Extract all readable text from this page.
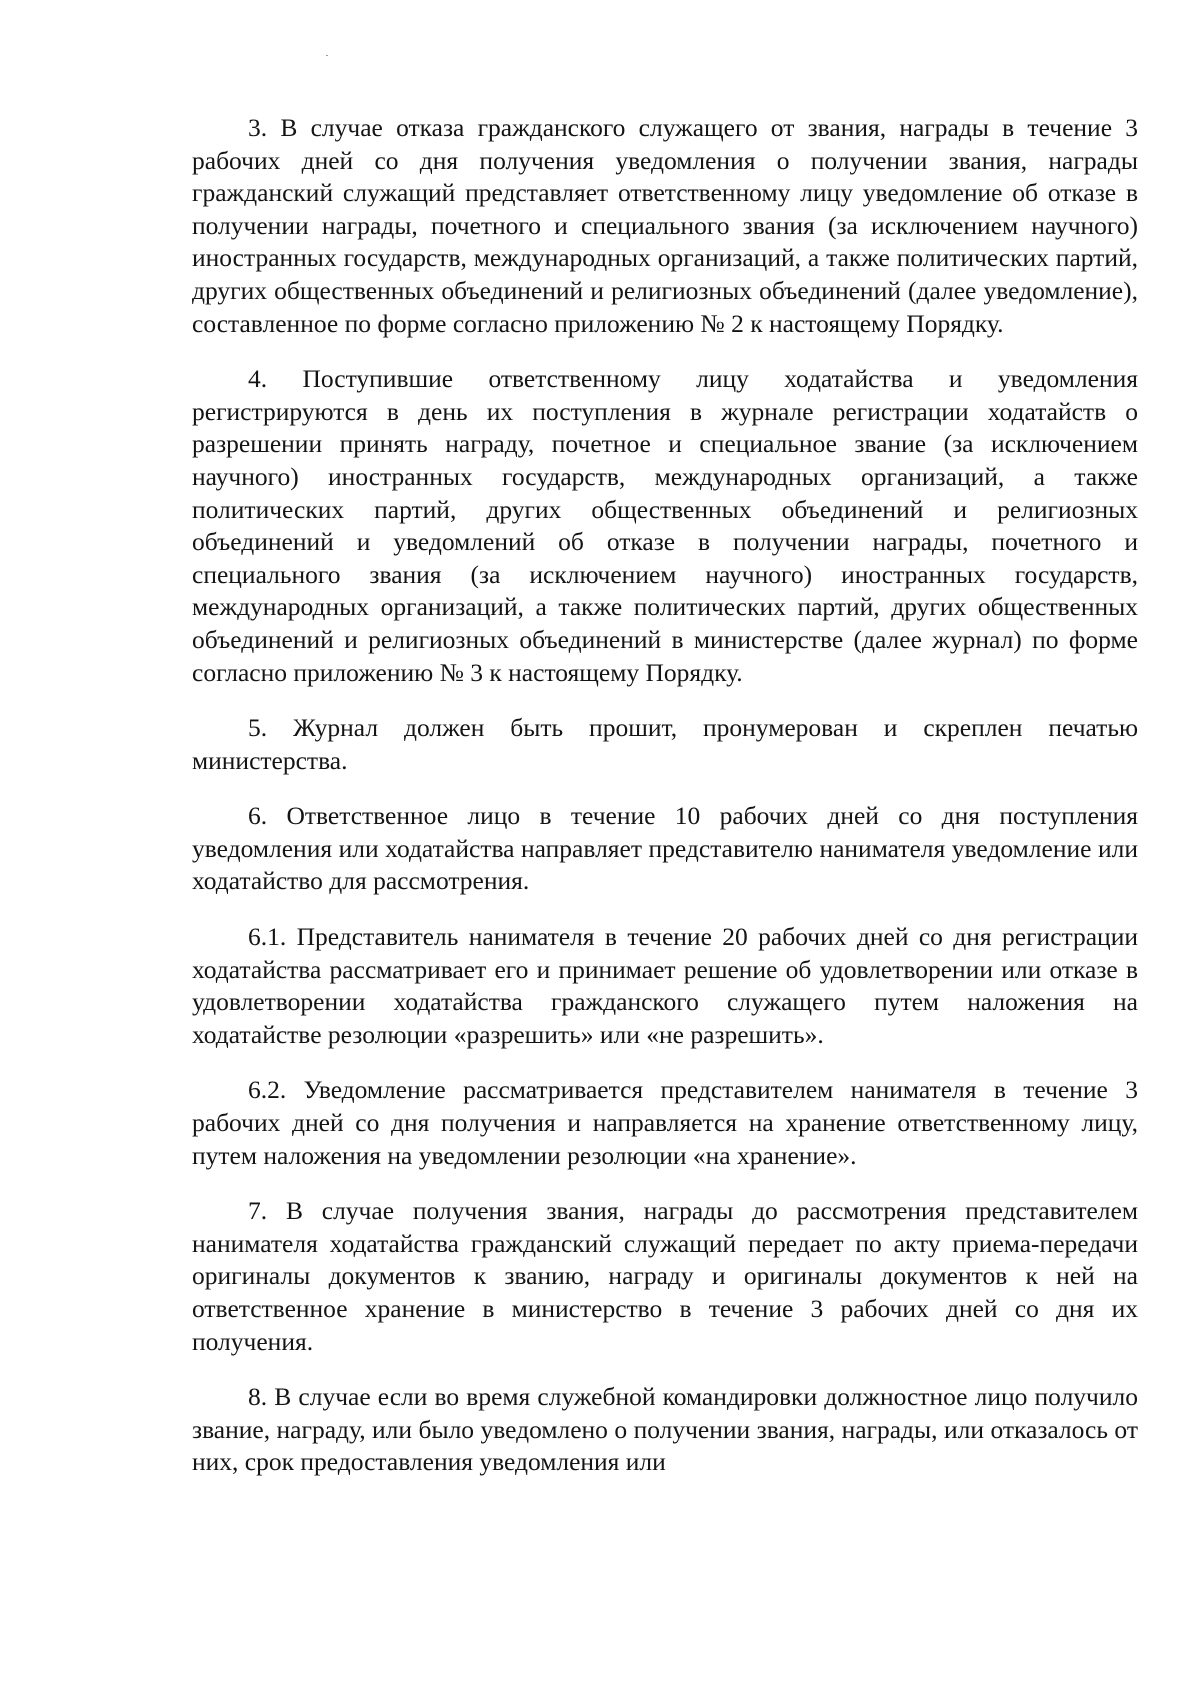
3. В случае отказа гражданского служащего от звания, награды в течение 3 рабочих дней со дня получения уведомления о получении звания, награды гражданский служащий представляет ответственному лицу уведомление об отказе в получении награды, почетного и специального звания (за исключением научного) иностранных государств, международных организаций, а также политических партий, других общественных объединений и религиозных объединений (далее уведомление), составленное по форме согласно приложению № 2 к настоящему Порядку.

4. Поступившие ответственному лицу ходатайства и уведомления регистрируются в день их поступления в журнале регистрации ходатайств о разрешении принять награду, почетное и специальное звание (за исключением научного) иностранных государств, международных организаций, а также политических партий, других общественных объединений и религиозных объединений и уведомлений об отказе в получении награды, почетного и специального звания (за исключением научного) иностранных государств, международных организаций, а также политических партий, других общественных объединений и религиозных объединений в министерстве (далее журнал) по форме согласно приложению № 3 к настоящему Порядку.

5. Журнал должен быть прошит, пронумерован и скреплен печатью министерства.

6. Ответственное лицо в течение 10 рабочих дней со дня поступления уведомления или ходатайства направляет представителю нанимателя уведомление или ходатайство для рассмотрения.

6.1. Представитель нанимателя в течение 20 рабочих дней со дня регистрации ходатайства рассматривает его и принимает решение об удовлетворении или отказе в удовлетворении ходатайства гражданского служащего путем наложения на ходатайстве резолюции «разрешить» или «не разрешить».

6.2. Уведомление рассматривается представителем нанимателя в течение 3 рабочих дней со дня получения и направляется на хранение ответственному лицу, путем наложения на уведомлении резолюции «на хранение».

7. В случае получения звания, награды до рассмотрения представителем нанимателя ходатайства гражданский служащий передает по акту приема-передачи оригиналы документов к званию, награду и оригиналы документов к ней на ответственное хранение в министерство в течение 3 рабочих дней со дня их получения.

8. В случае если во время служебной командировки должностное лицо получило звание, награду, или было уведомлено о получении звания, награды, или отказалось от них, срок предоставления уведомления или
